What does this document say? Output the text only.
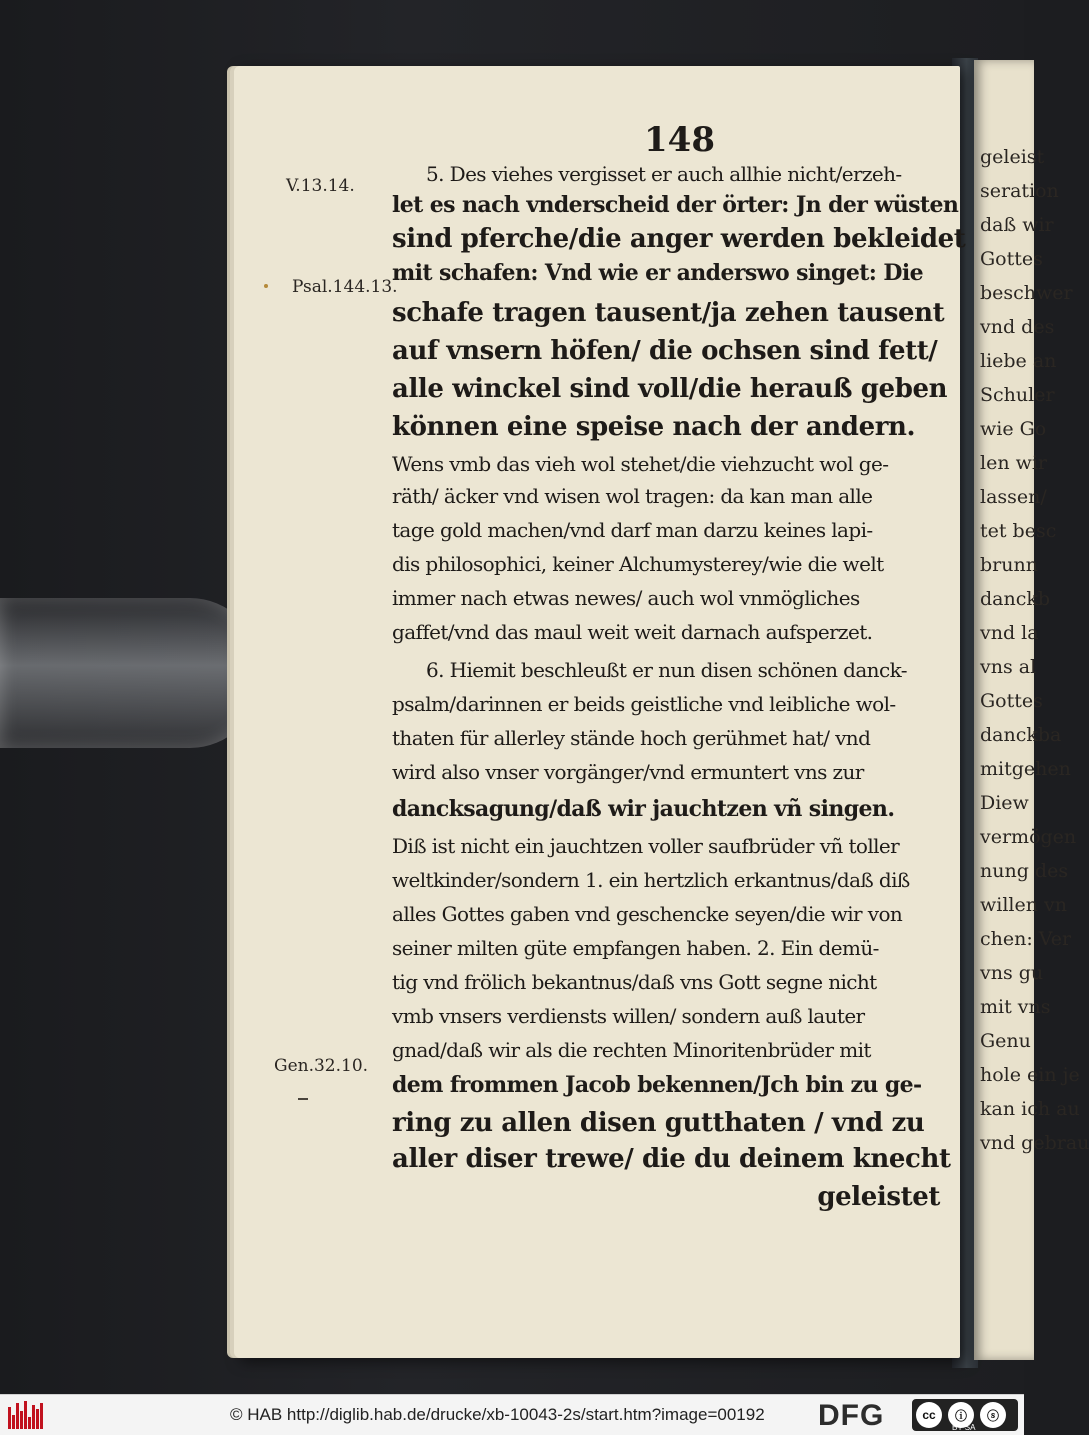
geleist
seration
daß wir
Gottes
beschwer
vnd des
liebe an
Schuler
wie Go
len wir
lassen/
tet besc
brunn
danckb
vnd la
vns al
Gottes
danckba
mitgehen
Diew
vermögen
nung des
willen vn
chen: Ver
vns gu
mit vns
Genu
hole ein je
kan ich au
vnd gebrau
148
V.13.14.
Psal.144.13.
Gen.32.10.
5. Des viehes vergisset er auch allhie nicht/erzeh-
let es nach vnderscheid der örter: Jn der wüsten
sind pferche/die anger werden bekleidet
mit schafen: Vnd wie er anderswo singet: Die
schafe tragen tausent/ja zehen tausent
auf vnsern höfen/ die ochsen sind fett/
alle winckel sind voll/die herauß geben
können eine speise nach der andern.
Wens vmb das vieh wol stehet/die viehzucht wol ge-
räth/ äcker vnd wisen wol tragen: da kan man alle
tage gold machen/vnd darf man darzu keines lapi-
dis philosophici, keiner Alchumysterey/wie die welt
immer nach etwas newes/ auch wol vnmögliches
gaffet/vnd das maul weit weit darnach aufsperzet.
6. Hiemit beschleußt er nun disen schönen danck-
psalm/darinnen er beids geistliche vnd leibliche wol-
thaten für allerley stände hoch gerühmet hat/ vnd
wird also vnser vorgänger/vnd ermuntert vns zur
dancksagung/daß wir jauchtzen vñ singen.
Diß ist nicht ein jauchtzen voller saufbrüder vñ toller
weltkinder/sondern 1. ein hertzlich erkantnus/daß diß
alles Gottes gaben vnd geschencke seyen/die wir von
seiner milten güte empfangen haben. 2. Ein demü-
tig vnd frölich bekantnus/daß vns Gott segne nicht
vmb vnsers verdiensts willen/ sondern auß lauter
gnad/daß wir als die rechten Minoritenbrüder mit
dem frommen Jacob bekennen/Jch bin zu ge-
ring zu allen disen gutthaten / vnd zu
aller diser trewe/ die du deinem knecht
geleistet
© HAB http://diglib.hab.de/drucke/xb-10043-2s/start.htm?image=00192 DFG	cc	ⓘ	ⓢ
BY SA
